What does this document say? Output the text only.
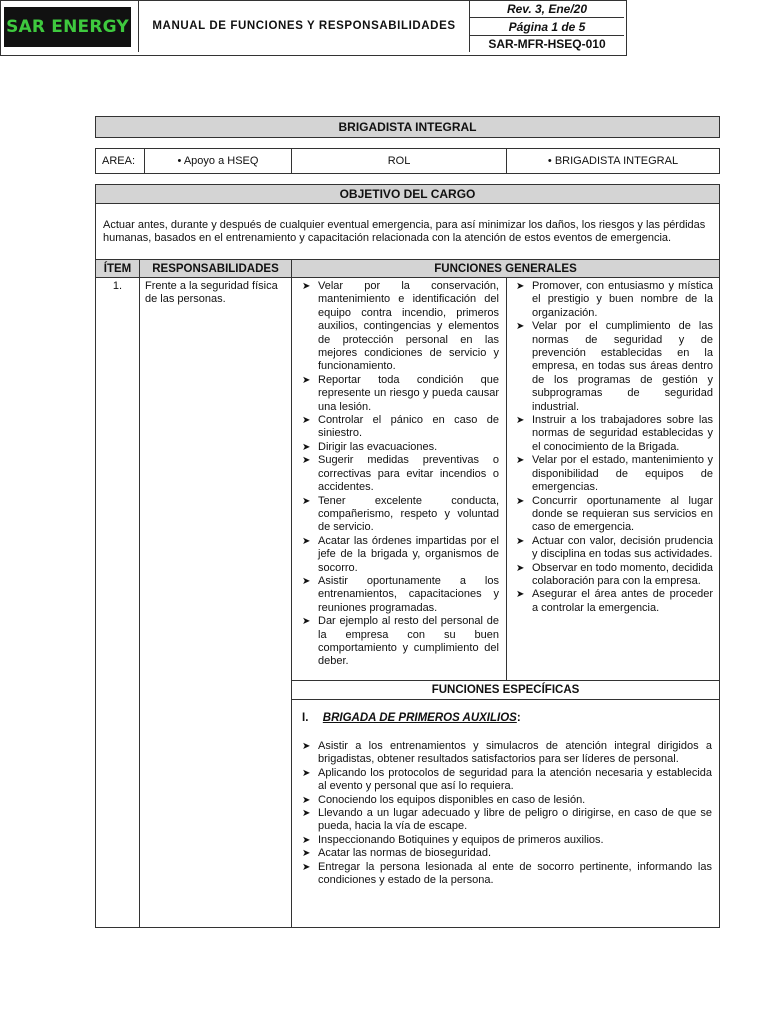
SAR ENERGY	MANUAL DE FUNCIONES Y RESPONSABILIDADES
Rev. 3, Ene/20
Página 1 de 5
SAR-MFR-HSEQ-010
BRIGADISTA INTEGRAL
AREA:	• Apoyo a HSEQ	ROL	• BRIGADISTA INTEGRAL
OBJETIVO DEL CARGO
Actuar antes, durante y después de cualquier eventual emergencia, para así minimizar los daños, los riesgos y las pérdidas humanas, basados en el entrenamiento y capacitación relacionada con la atención de estos eventos de emergencia.
ÍTEM	RESPONSABILIDADES	FUNCIONES GENERALES
1.	Frente a la seguridad física de las personas.
➤ Velar por la conservación, mantenimiento e identificación del equipo contra incendio, primeros auxilios, contingencias y elementos de protección personal en las mejores condiciones de servicio y funcionamiento.
➤ Reportar toda condición que represente un riesgo y pueda causar una lesión.
➤ Controlar el pánico en caso de siniestro.
➤ Dirigir las evacuaciones.
➤ Sugerir medidas preventivas o correctivas para evitar incendios o accidentes.
➤ Tener excelente conducta, compañerismo, respeto y voluntad de servicio.
➤ Acatar las órdenes impartidas por el jefe de la brigada y, organismos de socorro.
➤ Asistir oportunamente a los entrenamientos, capacitaciones y reuniones programadas.
➤ Dar ejemplo al resto del personal de la empresa con su buen comportamiento y cumplimiento del deber.
➤ Promover, con entusiasmo y mística el prestigio y buen nombre de la organización.
➤ Velar por el cumplimiento de las normas de seguridad y de prevención establecidas en la empresa, en todas sus áreas dentro de los programas de gestión y subprogramas de seguridad industrial.
➤ Instruir a los trabajadores sobre las normas de seguridad establecidas y el conocimiento de la Brigada.
➤ Velar por el estado, mantenimiento y disponibilidad de equipos de emergencias.
➤ Concurrir oportunamente al lugar donde se requieran sus servicios en caso de emergencia.
➤ Actuar con valor, decisión prudencia y disciplina en todas sus actividades.
➤ Observar en todo momento, decidida colaboración para con la empresa.
➤ Asegurar el área antes de proceder a controlar la emergencia.
FUNCIONES ESPECÍFICAS
I. BRIGADA DE PRIMEROS AUXILIOS:
➤ Asistir a los entrenamientos y simulacros de atención integral dirigidos a brigadistas, obtener resultados satisfactorios para ser líderes de personal.
➤ Aplicando los protocolos de seguridad para la atención necesaria y establecida al evento y personal que así lo requiera.
➤ Conociendo los equipos disponibles en caso de lesión.
➤ Llevando a un lugar adecuado y libre de peligro o dirigirse, en caso de que se pueda, hacia la vía de escape.
➤ Inspeccionando Botiquines y equipos de primeros auxilios.
➤ Acatar las normas de bioseguridad.
➤ Entregar la persona lesionada al ente de socorro pertinente, informando las condiciones y estado de la persona.
